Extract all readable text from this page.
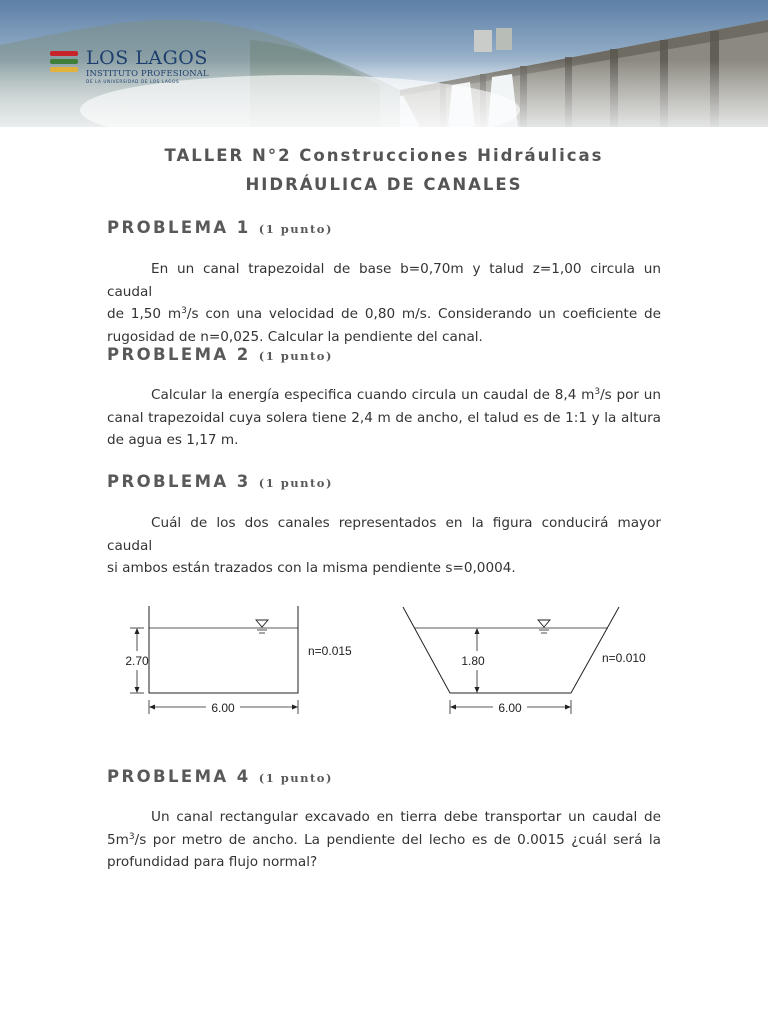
LOS LAGOS
INSTITUTO PROFESIONAL
DE LA UNIVERSIDAD DE LOS LAGOS
TALLER N°2 Construcciones Hidráulicas
HIDRÁULICA DE CANALES
PROBLEMA 1 (1 punto)
En un canal trapezoidal de base b=0,70m y talud z=1,00 circula un caudal
de 1,50 $m^3/s$ con una velocidad de 0,80 m/s. Considerando un coeficiente de
rugosidad de n=0,025. Calcular la pendiente del canal.
PROBLEMA 2 (1 punto)
Calcular la energía especifica cuando circula un caudal de 8,4 $m^3/s$ por un
canal trapezoidal cuya solera tiene 2,4 m de ancho, el talud es de 1:1 y la altura
de agua es 1,17 m.
PROBLEMA 3 (1 punto)
Cuál de los dos canales representados en la figura conducirá mayor caudal
si ambos están trazados con la misma pendiente s=0,0004.
2.70
6.00
n=0.015
1.80
6.00
n=0.010
PROBLEMA 4 (1 punto)
Un canal rectangular excavado en tierra debe transportar un caudal de
$5m^3/s$ por metro de ancho. La pendiente del lecho es de 0.0015 ¿cuál será la
profundidad para flujo normal?
